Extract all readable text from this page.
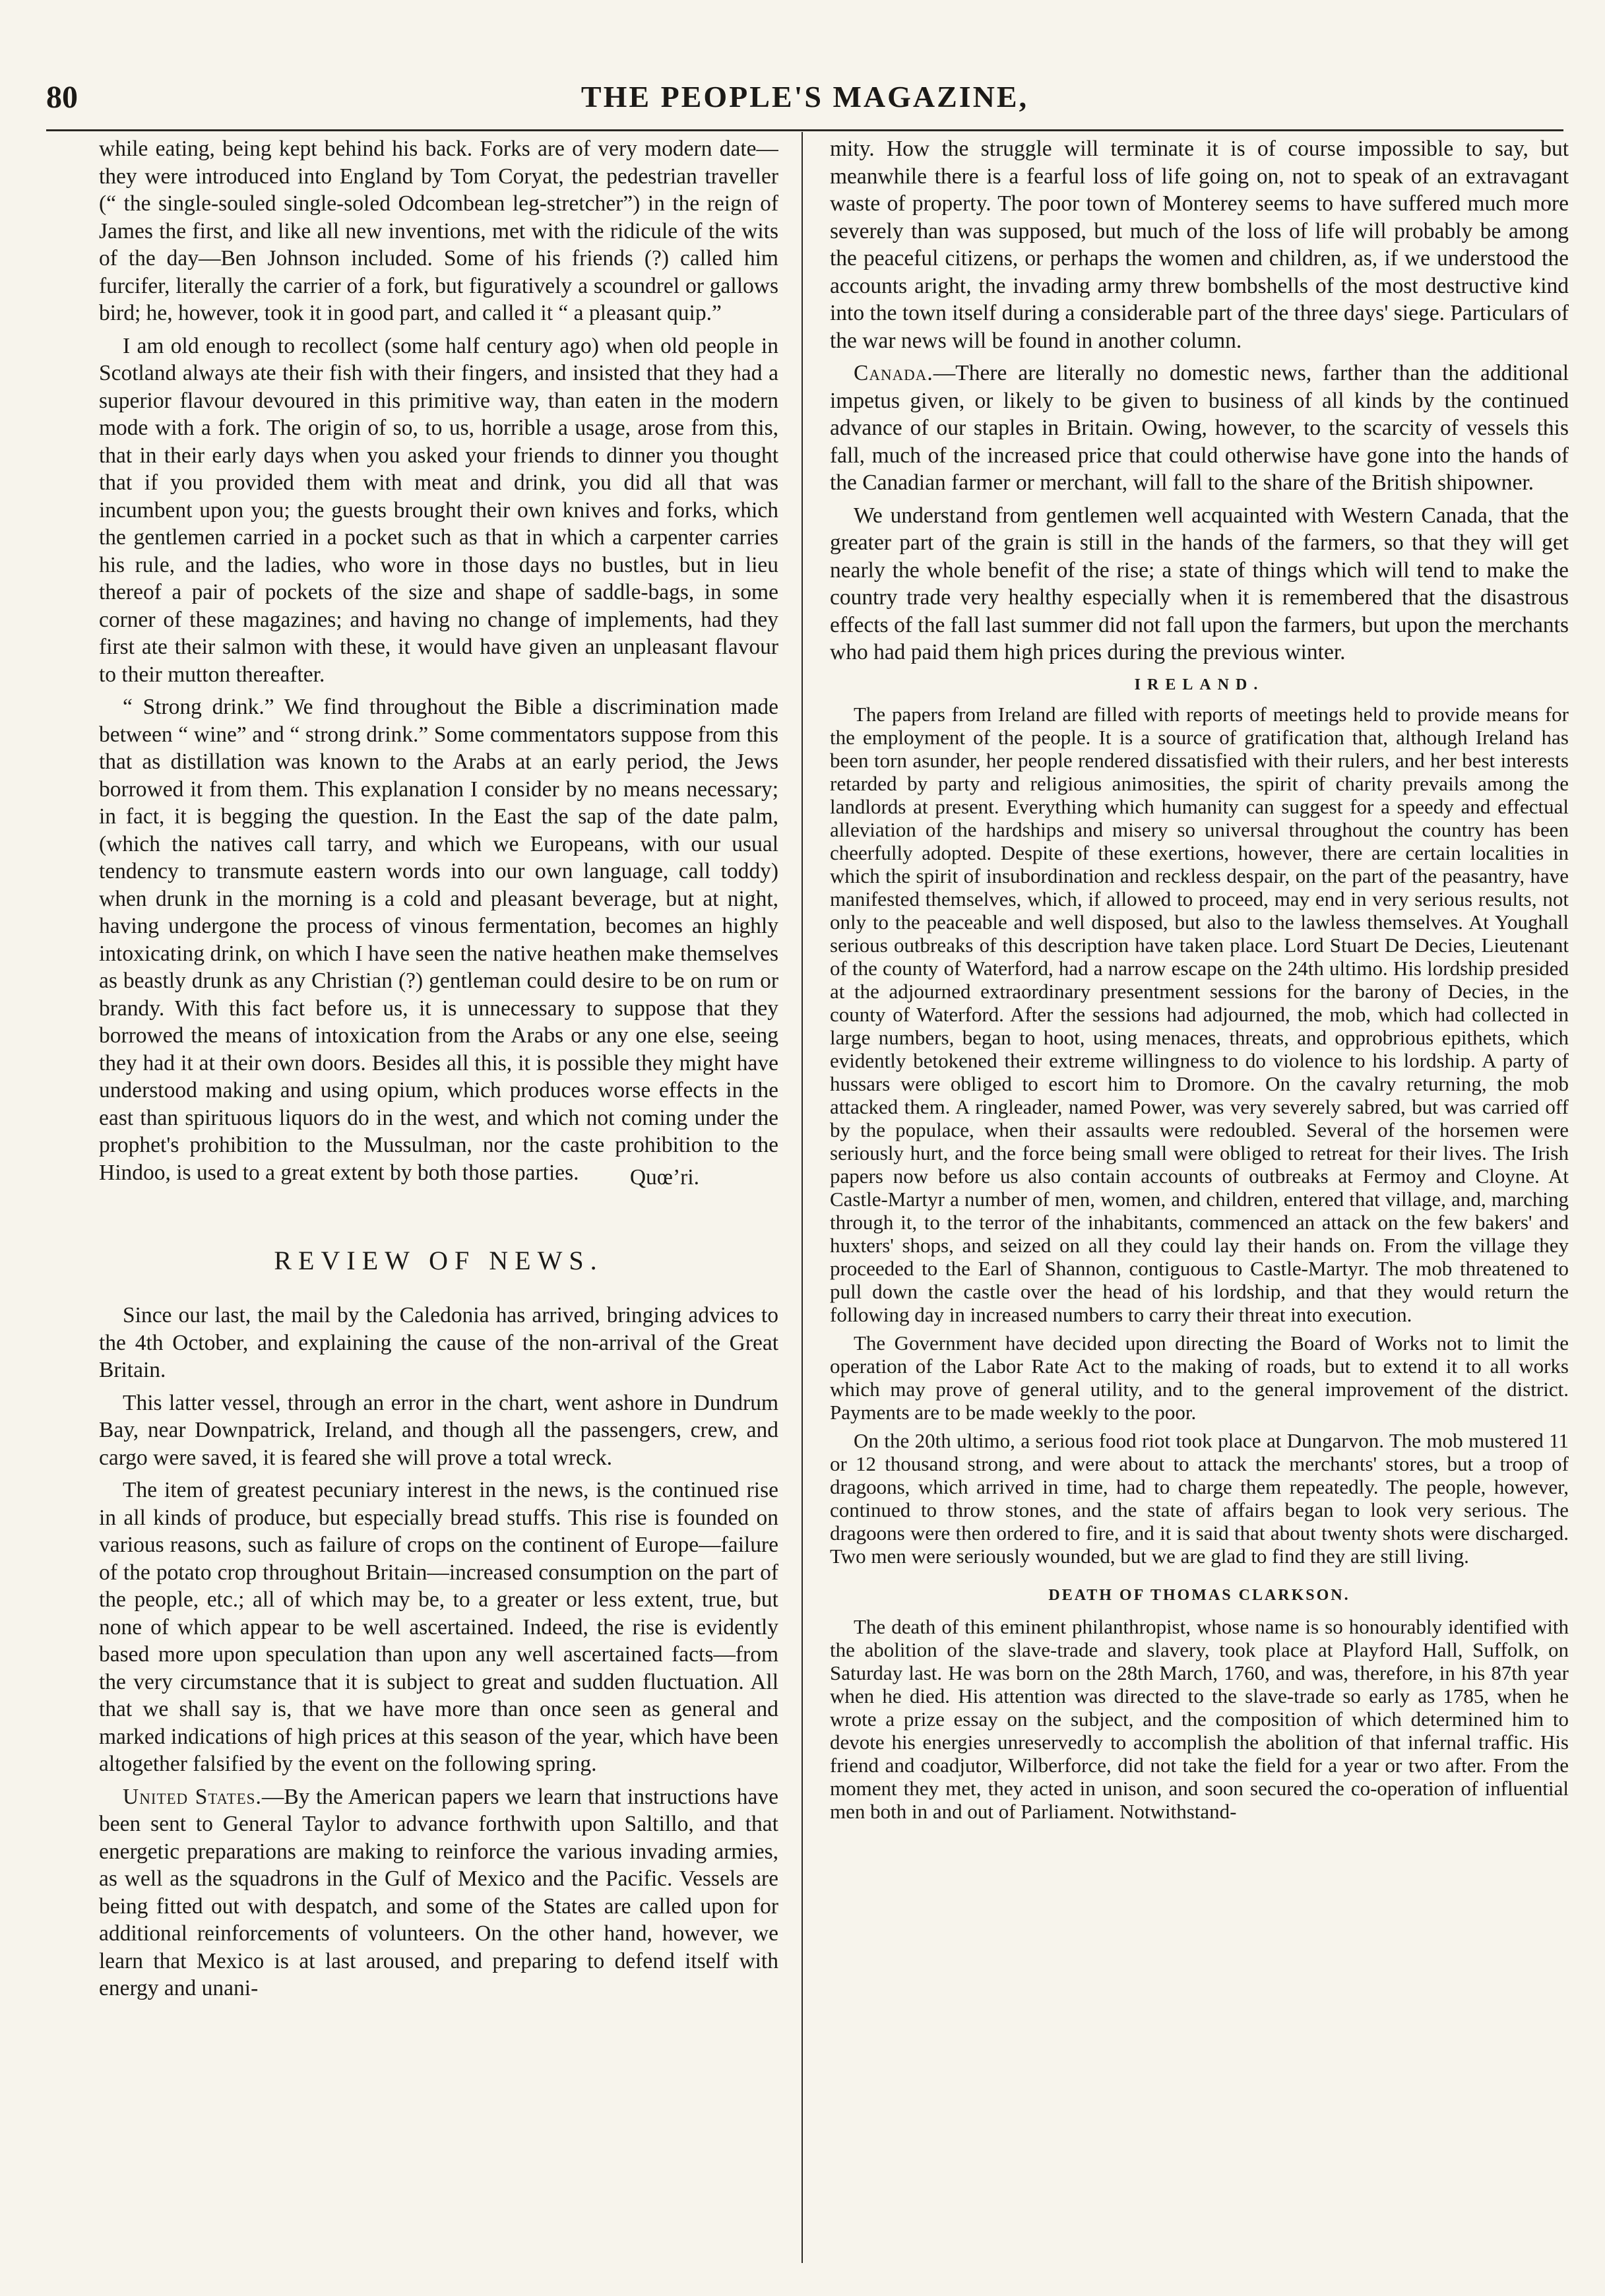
80	THE PEOPLE'S MAGAZINE,

while eating, being kept behind his back. Forks are of very modern date—they were introduced into England by Tom Coryat, the pedestrian traveller (“ the single-souled single-soled Odcombean leg-stretcher”) in the reign of James the first, and like all new inventions, met with the ridicule of the wits of the day—Ben Johnson included. Some of his friends (?) called him furcifer, literally the carrier of a fork, but figuratively a scoundrel or gallows bird; he, however, took it in good part, and called it “ a pleasant quip.”

I am old enough to recollect (some half century ago) when old people in Scotland always ate their fish with their fingers, and insisted that they had a superior flavour devoured in this primitive way, than eaten in the modern mode with a fork. The origin of so, to us, horrible a usage, arose from this, that in their early days when you asked your friends to dinner you thought that if you provided them with meat and drink, you did all that was incumbent upon you; the guests brought their own knives and forks, which the gentlemen carried in a pocket such as that in which a carpenter carries his rule, and the ladies, who wore in those days no bustles, but in lieu thereof a pair of pockets of the size and shape of saddle-bags, in some corner of these magazines; and having no change of implements, had they first ate their salmon with these, it would have given an unpleasant flavour to their mutton thereafter.

“ Strong drink.” We find throughout the Bible a discrimination made between “ wine” and “ strong drink.” Some commentators suppose from this that as distillation was known to the Arabs at an early period, the Jews borrowed it from them. This explanation I consider by no means necessary; in fact, it is begging the question. In the East the sap of the date palm, (which the natives call tarry, and which we Europeans, with our usual tendency to transmute eastern words into our own language, call toddy) when drunk in the morning is a cold and pleasant beverage, but at night, having undergone the process of vinous fermentation, becomes an highly intoxicating drink, on which I have seen the native heathen make themselves as beastly drunk as any Christian (?) gentleman could desire to be on rum or brandy. With this fact before us, it is unnecessary to suppose that they borrowed the means of intoxication from the Arabs or any one else, seeing they had it at their own doors. Besides all this, it is possible they might have understood making and using opium, which produces worse effects in the east than spirituous liquors do in the west, and which not coming under the prophet's prohibition to the Mussulman, nor the caste prohibition to the Hindoo, is used to a great extent by both those parties.	Quœ’ri.
REVIEW OF NEWS.

Since our last, the mail by the Caledonia has arrived, bringing advices to the 4th October, and explaining the cause of the non-arrival of the Great Britain.

This latter vessel, through an error in the chart, went ashore in Dundrum Bay, near Downpatrick, Ireland, and though all the passengers, crew, and cargo were saved, it is feared she will prove a total wreck.

The item of greatest pecuniary interest in the news, is the continued rise in all kinds of produce, but especially bread stuffs. This rise is founded on various reasons, such as failure of crops on the continent of Europe—failure of the potato crop throughout Britain—increased consumption on the part of the people, etc.; all of which may be, to a greater or less extent, true, but none of which appear to be well ascertained. Indeed, the rise is evidently based more upon speculation than upon any well ascertained facts—from the very circumstance that it is subject to great and sudden fluctuation. All that we shall say is, that we have more than once seen as general and marked indications of high prices at this season of the year, which have been altogether falsified by the event on the following spring.

United States.—By the American papers we learn that instructions have been sent to General Taylor to advance forthwith upon Saltillo, and that energetic preparations are making to reinforce the various invading armies, as well as the squadrons in the Gulf of Mexico and the Pacific. Vessels are being fitted out with despatch, and some of the States are called upon for additional reinforcements of volunteers. On the other hand, however, we learn that Mexico is at last aroused, and preparing to defend itself with energy and unani-

mity. How the struggle will terminate it is of course impossible to say, but meanwhile there is a fearful loss of life going on, not to speak of an extravagant waste of property. The poor town of Monterey seems to have suffered much more severely than was supposed, but much of the loss of life will probably be among the peaceful citizens, or perhaps the women and children, as, if we understood the accounts aright, the invading army threw bombshells of the most destructive kind into the town itself during a considerable part of the three days' siege. Particulars of the war news will be found in another column.

Canada.—There are literally no domestic news, farther than the additional impetus given, or likely to be given to business of all kinds by the continued advance of our staples in Britain. Owing, however, to the scarcity of vessels this fall, much of the increased price that could otherwise have gone into the hands of the Canadian farmer or merchant, will fall to the share of the British shipowner.

We understand from gentlemen well acquainted with Western Canada, that the greater part of the grain is still in the hands of the farmers, so that they will get nearly the whole benefit of the rise; a state of things which will tend to make the country trade very healthy especially when it is remembered that the disastrous effects of the fall last summer did not fall upon the farmers, but upon the merchants who had paid them high prices during the previous winter.

IRELAND.

The papers from Ireland are filled with reports of meetings held to provide means for the employment of the people. It is a source of gratification that, although Ireland has been torn asunder, her people rendered dissatisfied with their rulers, and her best interests retarded by party and religious animosities, the spirit of charity prevails among the landlords at present. Everything which humanity can suggest for a speedy and effectual alleviation of the hardships and misery so universal throughout the country has been cheerfully adopted. Despite of these exertions, however, there are certain localities in which the spirit of insubordination and reckless despair, on the part of the peasantry, have manifested themselves, which, if allowed to proceed, may end in very serious results, not only to the peaceable and well disposed, but also to the lawless themselves. At Youghall serious outbreaks of this description have taken place. Lord Stuart De Decies, Lieutenant of the county of Waterford, had a narrow escape on the 24th ultimo. His lordship presided at the adjourned extraordinary presentment sessions for the barony of Decies, in the county of Waterford. After the sessions had adjourned, the mob, which had collected in large numbers, began to hoot, using menaces, threats, and opprobrious epithets, which evidently betokened their extreme willingness to do violence to his lordship. A party of hussars were obliged to escort him to Dromore. On the cavalry returning, the mob attacked them. A ringleader, named Power, was very severely sabred, but was carried off by the populace, when their assaults were redoubled. Several of the horsemen were seriously hurt, and the force being small were obliged to retreat for their lives. The Irish papers now before us also contain accounts of outbreaks at Fermoy and Cloyne. At Castle-Martyr a number of men, women, and children, entered that village, and, marching through it, to the terror of the inhabitants, commenced an attack on the few bakers' and huxters' shops, and seized on all they could lay their hands on. From the village they proceeded to the Earl of Shannon, contiguous to Castle-Martyr. The mob threatened to pull down the castle over the head of his lordship, and that they would return the following day in increased numbers to carry their threat into execution.

The Government have decided upon directing the Board of Works not to limit the operation of the Labor Rate Act to the making of roads, but to extend it to all works which may prove of general utility, and to the general improvement of the district. Payments are to be made weekly to the poor.

On the 20th ultimo, a serious food riot took place at Dungarvon. The mob mustered 11 or 12 thousand strong, and were about to attack the merchants' stores, but a troop of dragoons, which arrived in time, had to charge them repeatedly. The people, however, continued to throw stones, and the state of affairs began to look very serious. The dragoons were then ordered to fire, and it is said that about twenty shots were discharged. Two men were seriously wounded, but we are glad to find they are still living.

DEATH OF THOMAS CLARKSON.

The death of this eminent philanthropist, whose name is so honourably identified with the abolition of the slave-trade and slavery, took place at Playford Hall, Suffolk, on Saturday last. He was born on the 28th March, 1760, and was, therefore, in his 87th year when he died. His attention was directed to the slave-trade so early as 1785, when he wrote a prize essay on the subject, and the composition of which determined him to devote his energies unreservedly to accomplish the abolition of that infernal traffic. His friend and coadjutor, Wilberforce, did not take the field for a year or two after. From the moment they met, they acted in unison, and soon secured the co-operation of influential men both in and out of Parliament. Notwithstand-
